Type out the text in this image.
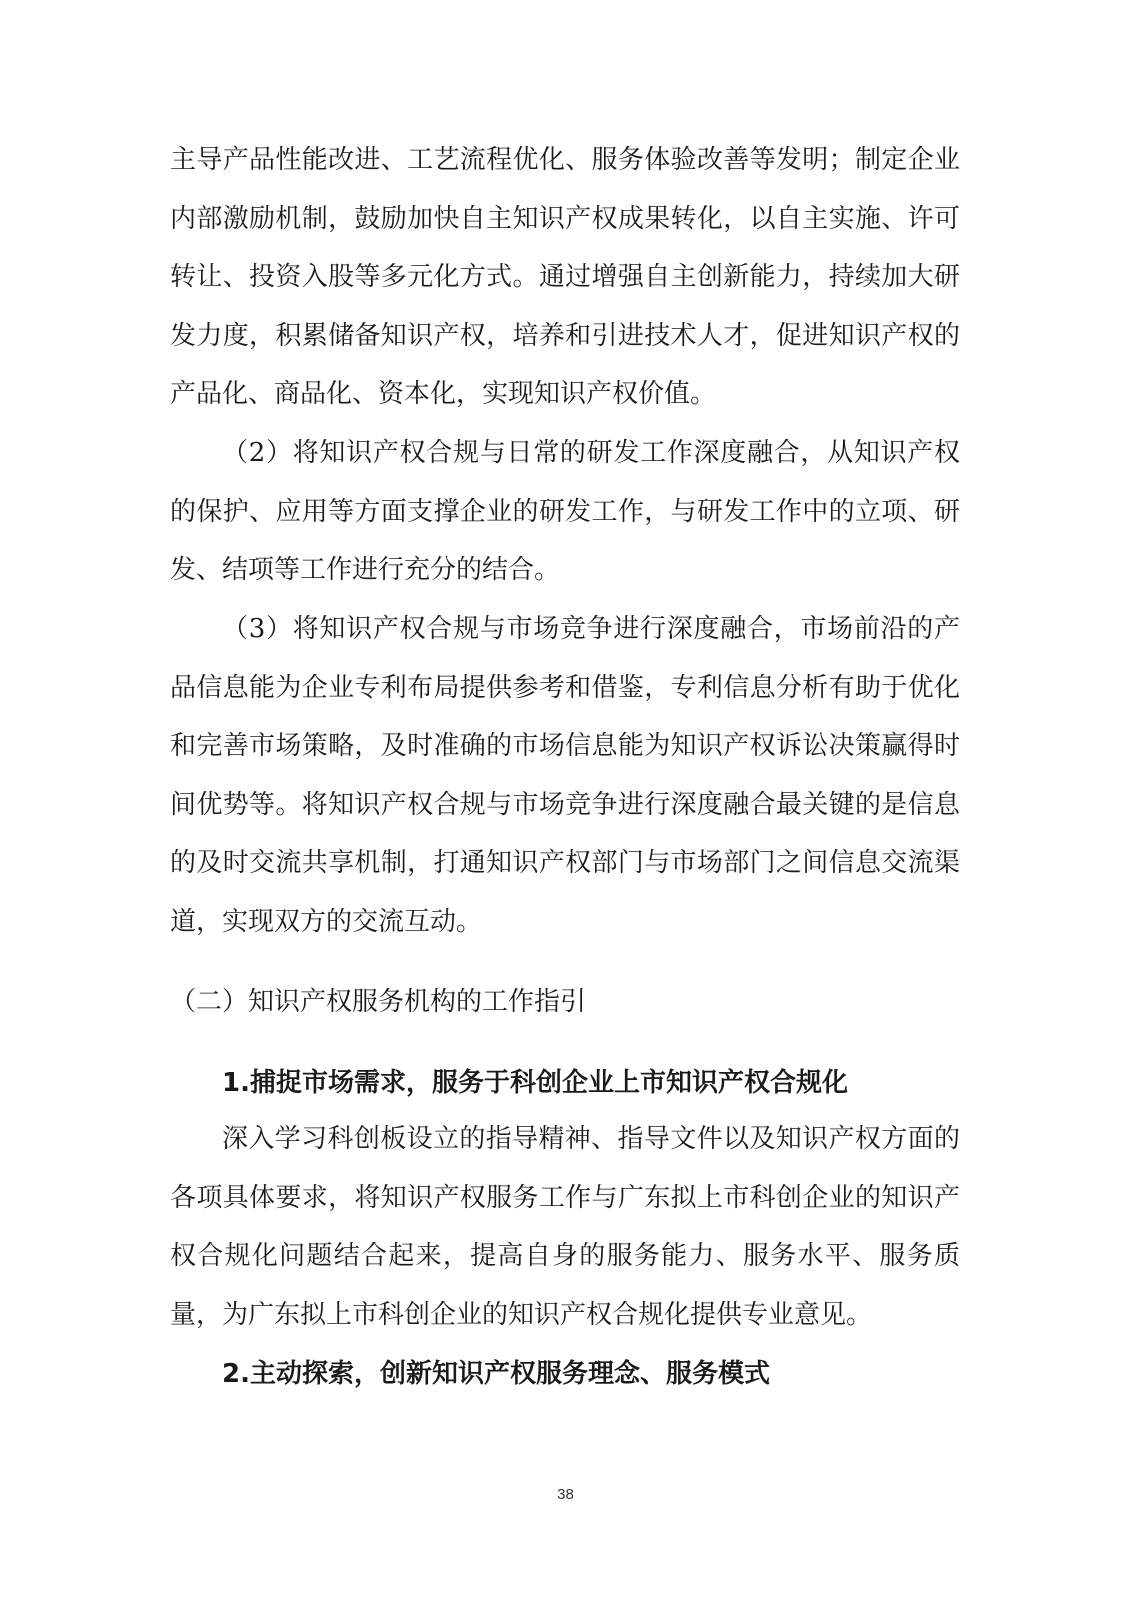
主导产品性能改进、工艺流程优化、服务体验改善等发明；制定企业内部激励机制，鼓励加快自主知识产权成果转化，以自主实施、许可转让、投资入股等多元化方式。通过增强自主创新能力，持续加大研发力度，积累储备知识产权，培养和引进技术人才，促进知识产权的产品化、商品化、资本化，实现知识产权价值。

（2）将知识产权合规与日常的研发工作深度融合，从知识产权的保护、应用等方面支撑企业的研发工作，与研发工作中的立项、研发、结项等工作进行充分的结合。

（3）将知识产权合规与市场竞争进行深度融合，市场前沿的产品信息能为企业专利布局提供参考和借鉴，专利信息分析有助于优化和完善市场策略，及时准确的市场信息能为知识产权诉讼决策赢得时间优势等。将知识产权合规与市场竞争进行深度融合最关键的是信息的及时交流共享机制，打通知识产权部门与市场部门之间信息交流渠道，实现双方的交流互动。

（二）知识产权服务机构的工作指引
1.捕捉市场需求，服务于科创企业上市知识产权合规化

深入学习科创板设立的指导精神、指导文件以及知识产权方面的各项具体要求，将知识产权服务工作与广东拟上市科创企业的知识产权合规化问题结合起来，提高自身的服务能力、服务水平、服务质量，为广东拟上市科创企业的知识产权合规化提供专业意见。

2.主动探索，创新知识产权服务理念、服务模式
38
